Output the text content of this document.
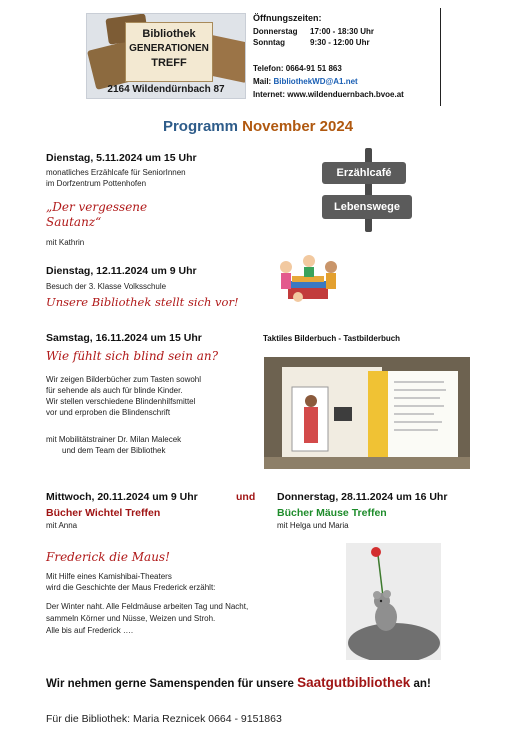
Bibliothek
GENERATIONEN
TREFF
2164 Wildendürnbach 87
Öffnungszeiten:
Donnerstag	17:00 - 18:30 Uhr
Sonntag	9:30 - 12:00 Uhr
Telefon: 0664-91 51 863
Mail: BibliothekWD@A1.net
Internet: www.wildenduernbach.bvoe.at
Programm November 2024
Dienstag, 5.11.2024 um 15 Uhr
monatliches Erzählcafe für SeniorInnen
im Dorfzentrum Pottenhofen
„Der vergessene
Sautanz“
mit Kathrin
Erzählcafé
Lebenswege
Dienstag, 12.11.2024 um 9 Uhr
Besuch der 3. Klasse Volksschule
Unsere Bibliothek stellt sich vor!
Samstag, 16.11.2024 um 15 Uhr
Wie fühlt sich blind sein an?
Wir zeigen Bilderbücher zum Tasten sowohl
für sehende als auch für blinde Kinder.
Wir stellen verschiedene Blindenhilfsmittel
vor und erproben die Blindenschrift
mit Mobilitätstrainer Dr. Milan Malecek
und dem Team der Bibliothek
Taktiles Bilderbuch - Tastbilderbuch
Mittwoch, 20.11.2024 um 9 Uhr	und
Bücher Wichtel Treffen
mit Anna
Donnerstag, 28.11.2024 um 16 Uhr
Bücher Mäuse Treffen
mit Helga und Maria
Frederick die Maus!
Mit Hilfe eines Kamishibai-Theaters
wird die Geschichte der Maus Frederick erzählt:
Der Winter naht. Alle Feldmäuse arbeiten Tag und Nacht,
sammeln Körner und Nüsse, Weizen und Stroh.
Alle bis auf Frederick ….
Wir nehmen gerne Samenspenden für unsere Saatgutbibliothek an!
Für die Bibliothek: Maria Reznicek 0664 - 9151863
